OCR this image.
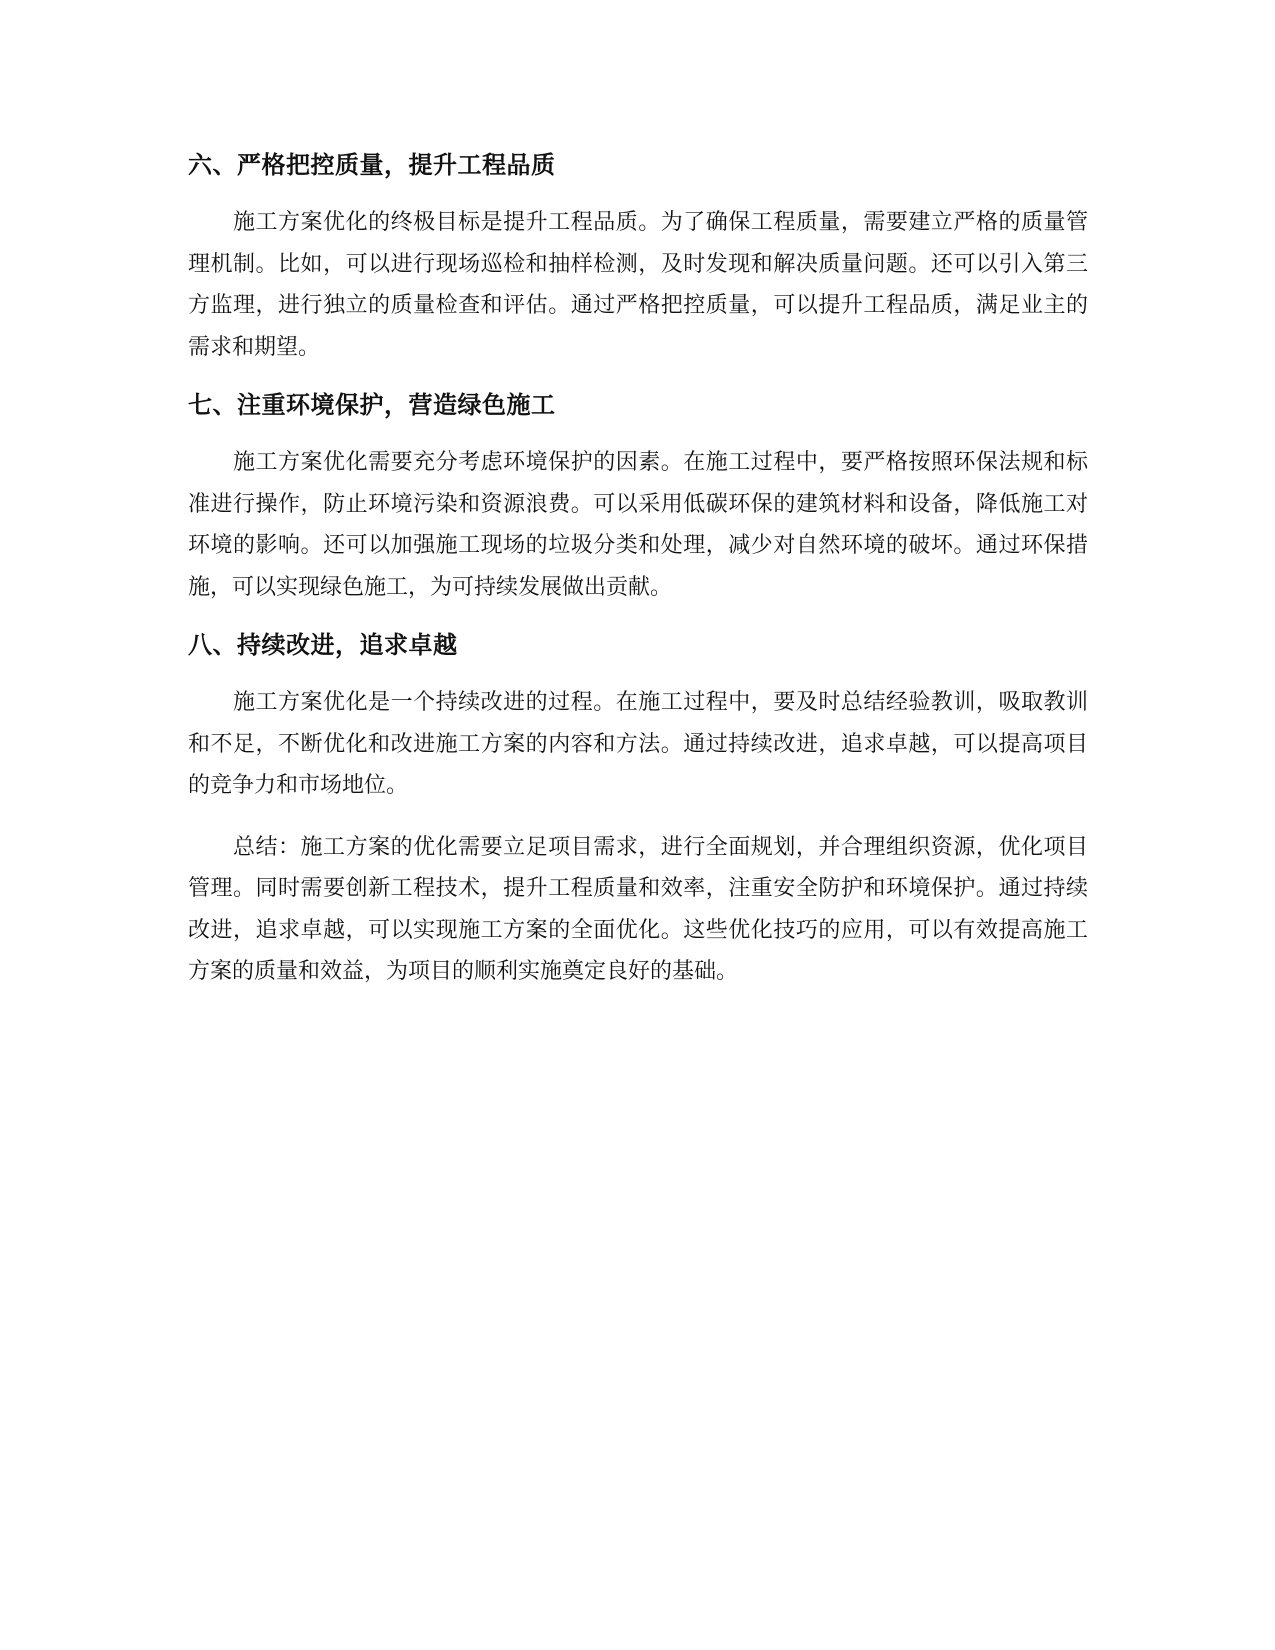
六、严格把控质量，提升工程品质

施工方案优化的终极目标是提升工程品质。为了确保工程质量，需要建立严格的质量管理机制。比如，可以进行现场巡检和抽样检测，及时发现和解决质量问题。还可以引入第三方监理，进行独立的质量检查和评估。通过严格把控质量，可以提升工程品质，满足业主的需求和期望。

七、注重环境保护，营造绿色施工

施工方案优化需要充分考虑环境保护的因素。在施工过程中，要严格按照环保法规和标准进行操作，防止环境污染和资源浪费。可以采用低碳环保的建筑材料和设备，降低施工对环境的影响。还可以加强施工现场的垃圾分类和处理，减少对自然环境的破坏。通过环保措施，可以实现绿色施工，为可持续发展做出贡献。

八、持续改进，追求卓越

施工方案优化是一个持续改进的过程。在施工过程中，要及时总结经验教训，吸取教训和不足，不断优化和改进施工方案的内容和方法。通过持续改进，追求卓越，可以提高项目的竞争力和市场地位。

总结：施工方案的优化需要立足项目需求，进行全面规划，并合理组织资源，优化项目管理。同时需要创新工程技术，提升工程质量和效率，注重安全防护和环境保护。通过持续改进，追求卓越，可以实现施工方案的全面优化。这些优化技巧的应用，可以有效提高施工方案的质量和效益，为项目的顺利实施奠定良好的基础。
